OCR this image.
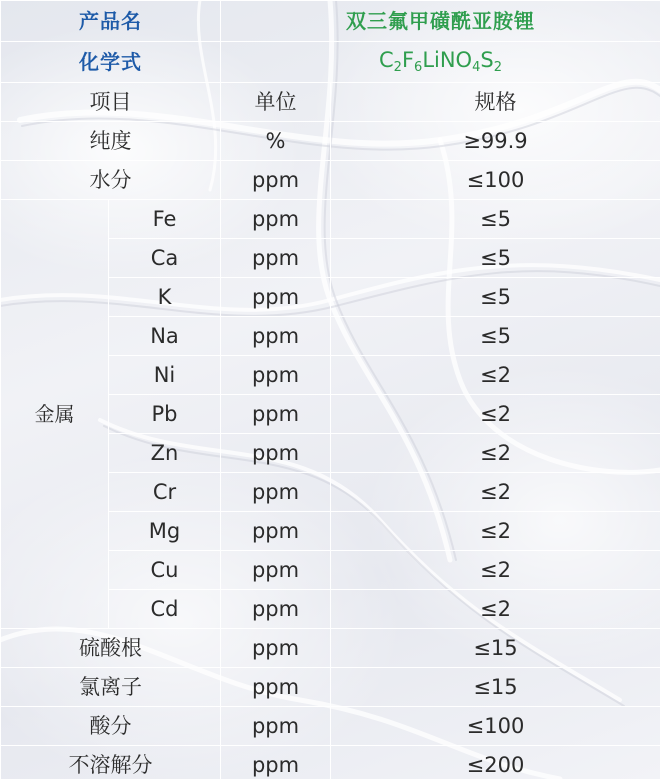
产品名		双三氟甲磺酰亚胺锂	
化学式		$C_2F_6LiNO_4S_2$
项目		单位	规格
纯度		%	≥99.9
水分		ppm	≤100
金属	Fe	ppm	≤5
	Ca	ppm	≤5
	K	ppm	≤5
	Na	ppm	≤5
	Ni	ppm	≤2
	Pb	ppm	≤2
	Zn	ppm	≤2
	Cr	ppm	≤2
	Mg	ppm	≤2
	Cu	ppm	≤2
	Cd	ppm	≤2
硫酸根		ppm	≤15
氯离子		ppm	≤15
酸分		ppm	≤100
不溶解分		ppm	≤200
